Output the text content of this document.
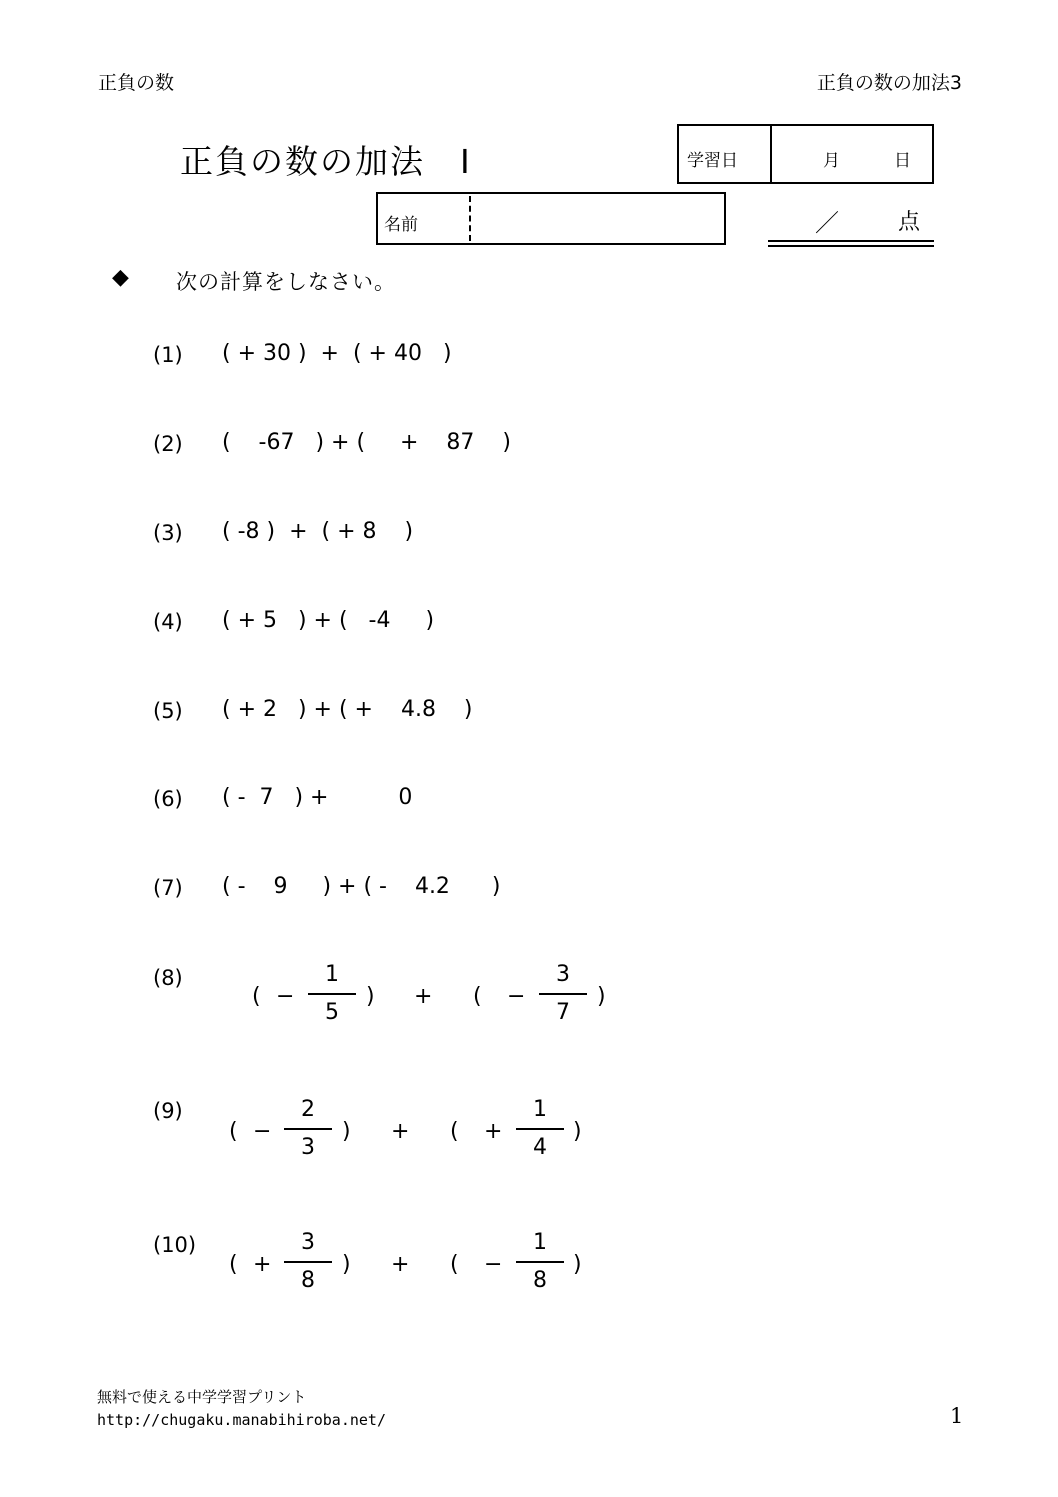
正負の数	正負の数の加法3
正負の数の加法　Ⅰ	学習日	月	日
名前	／	点
◆ 次の計算をしなさい。
(1) ( + 30 )  +  ( + 40   )
(2) (    -67   ) + (     +    87    )
(3) ( -8 )  +  ( + 8    )
(4) ( + 5   ) + (   -4     )
(5) ( + 2   ) + ( +    4.8    )
(6) ( -  7   ) +          0
(7) ( -    9     ) + ( -    4.2      )
(8)
( −
1
5
) + ( −
3
7
)
(9)
( −
2
3
) + ( +
1
4
)
(10)
( +
3
8
) + ( −
1
8
)
無料で使える中学学習プリント
http://chugaku.manabihiroba.net/	1
